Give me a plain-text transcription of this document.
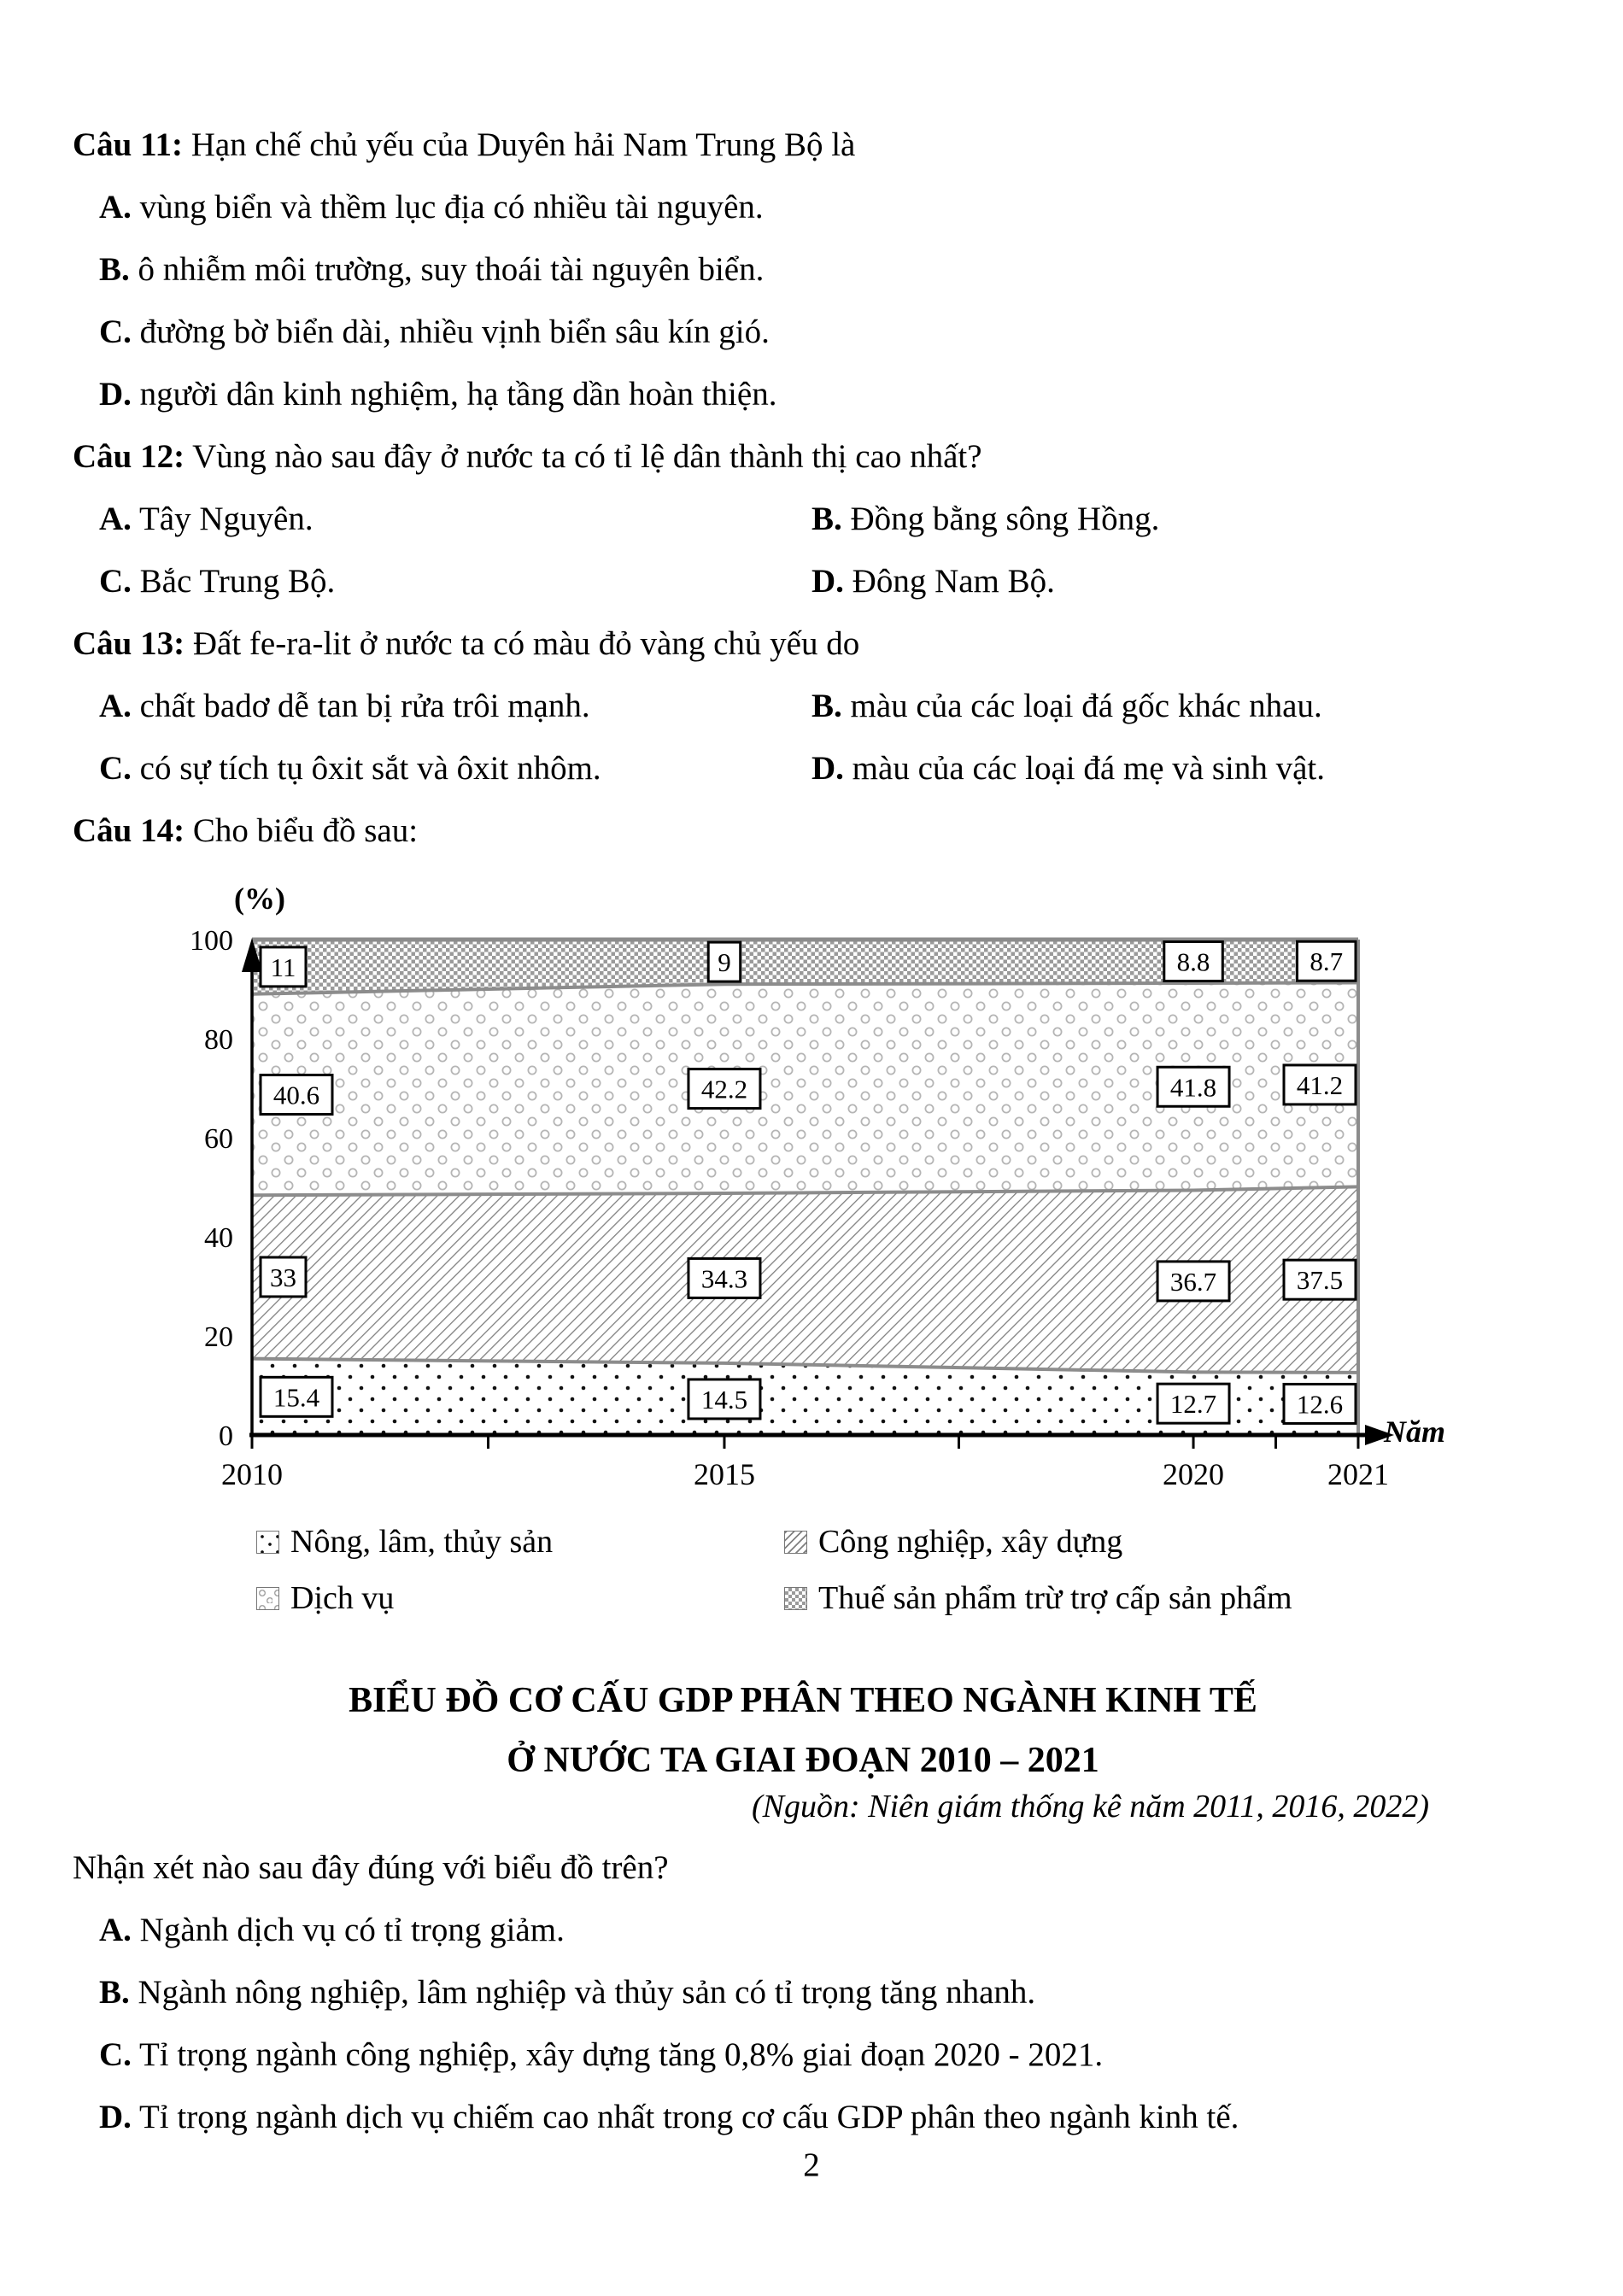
Câu 11: Hạn chế chủ yếu của Duyên hải Nam Trung Bộ là
A. vùng biển và thềm lục địa có nhiều tài nguyên.
B. ô nhiễm môi trường, suy thoái tài nguyên biển.
C. đường bờ biển dài, nhiều vịnh biển sâu kín gió.
D. người dân kinh nghiệm, hạ tầng dần hoàn thiện.
Câu 12: Vùng nào sau đây ở nước ta có tỉ lệ dân thành thị cao nhất?
A. Tây Nguyên.	B. Đồng bằng sông Hồng.
C. Bắc Trung Bộ.	D. Đông Nam Bộ.
Câu 13: Đất fe-ra-lit ở nước ta có màu đỏ vàng chủ yếu do
A. chất badơ dễ tan bị rửa trôi mạnh.	B. màu của các loại đá gốc khác nhau.
C. có sự tích tụ ôxit sắt và ôxit nhôm.	D. màu của các loại đá mẹ và sinh vật.
Câu 14: Cho biểu đồ sau:
0
20
40
60
80
100
2010	2015	2020	2021
(%)
Năm
15.4	14.5	12.7	12.6
33	34.3	36.7	37.5
40.6	42.2	41.8	41.2
11	9	8.8	8.7
Nông, lâm, thủy sản	Công nghiệp, xây dựng
Dịch vụ	Thuế sản phẩm trừ trợ cấp sản phẩm
BIỂU ĐỒ CƠ CẤU GDP PHÂN THEO NGÀNH KINH TẾ
Ở NƯỚC TA GIAI ĐOẠN 2010 – 2021
(Nguồn: Niên giám thống kê năm 2011, 2016, 2022)
Nhận xét nào sau đây đúng với biểu đồ trên?
A. Ngành dịch vụ có tỉ trọng giảm.
B. Ngành nông nghiệp, lâm nghiệp và thủy sản có tỉ trọng tăng nhanh.
C. Tỉ trọng ngành công nghiệp, xây dựng tăng 0,8% giai đoạn 2020 - 2021.
D. Tỉ trọng ngành dịch vụ chiếm cao nhất trong cơ cấu GDP phân theo ngành kinh tế.
2
